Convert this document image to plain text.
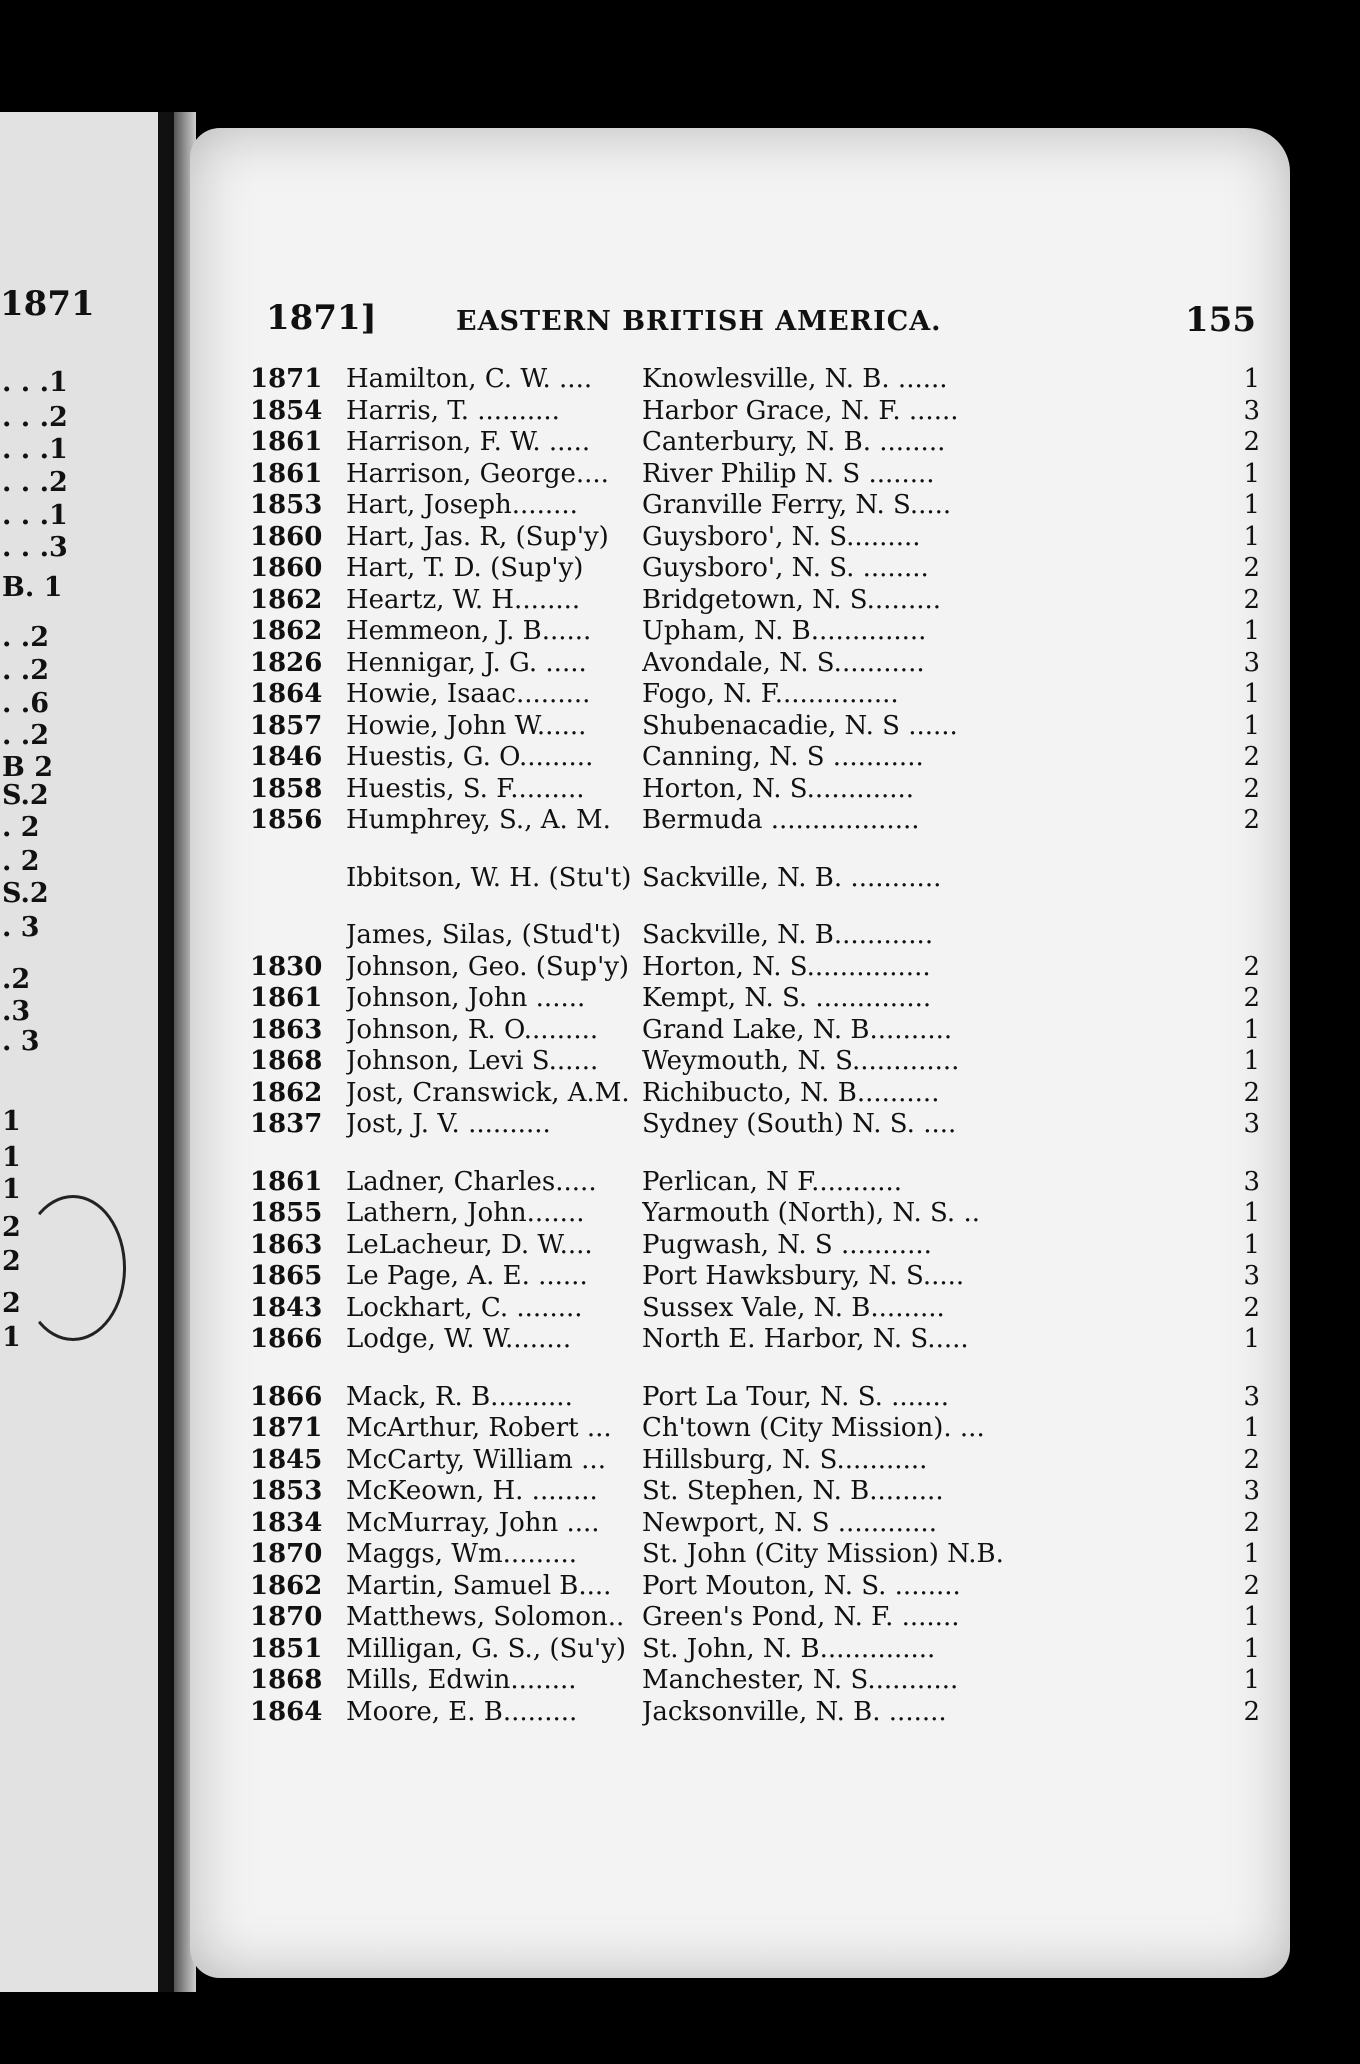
1871
. . .1
. . .2
. . .1
. . .2
. . .1
. . .3
B. 1
. .2
. .2
. .6
. .2
B 2
S.2
. 2
. 2
S.2
. 3
.2
.3
. 3
1
1
1
2
2
2
1
1871]	EASTERN BRITISH AMERICA.	155
1871 Hamilton, C. W. ....	Knowlesville, N. B. ......	1
1854 Harris, T. ..........	Harbor Grace, N. F. ......	3
1861 Harrison, F. W. .....	Canterbury, N. B. ........	2
1861 Harrison, George....	River Philip N. S ........	1
1853 Hart, Joseph........	Granville Ferry, N. S.....	1
1860 Hart, Jas. R, (Sup'y)	Guysboro', N. S.........	1
1860 Hart, T. D. (Sup'y)	Guysboro', N. S. ........	2
1862 Heartz, W. H........	Bridgetown, N. S.........	2
1862 Hemmeon, J. B......	Upham, N. B..............	1
1826 Hennigar, J. G. .....	Avondale, N. S...........	3
1864 Howie, Isaac.........	Fogo, N. F...............	1
1857 Howie, John W......	Shubenacadie, N. S ......	1
1846 Huestis, G. O.........	Canning, N. S ...........	2
1858 Huestis, S. F.........	Horton, N. S.............	2
1856 Humphrey, S., A. M.	Bermuda ..................	2
Ibbitson, W. H. (Stu't) Sackville, N. B. ...........
James, Silas, (Stud't) Sackville, N. B............
1830 Johnson, Geo. (Sup'y) Horton, N. S...............	2
1861 Johnson, John ......	Kempt, N. S. ..............	2
1863 Johnson, R. O.........	Grand Lake, N. B..........	1
1868 Johnson, Levi S......	Weymouth, N. S.............	1
1862 Jost, Cranswick, A.M. Richibucto, N. B..........	2
1837 Jost, J. V. ..........	Sydney (South) N. S. ....	3
1861 Ladner, Charles.....	Perlican, N F...........	3
1855 Lathern, John.......	Yarmouth (North), N. S. ..	1
1863 LeLacheur, D. W....	Pugwash, N. S ...........	1
1865 Le Page, A. E. ......	Port Hawksbury, N. S.....	3
1843 Lockhart, C. ........	Sussex Vale, N. B.........	2
1866 Lodge, W. W........	North E. Harbor, N. S.....	1
1866 Mack, R. B..........	Port La Tour, N. S. .......	3
1871 McArthur, Robert ...	Ch'town (City Mission). ...	1
1845 McCarty, William ...	Hillsburg, N. S...........	2
1853 McKeown, H. ........	St. Stephen, N. B.........	3
1834 McMurray, John ....	Newport, N. S ............	2
1870 Maggs, Wm.........	St. John (City Mission) N.B.	1
1862 Martin, Samuel B....	Port Mouton, N. S. ........	2
1870 Matthews, Solomon.. Green's Pond, N. F. .......	1
1851 Milligan, G. S., (Su'y) St. John, N. B..............	1
1868 Mills, Edwin........	Manchester, N. S...........	1
1864 Moore, E. B.........	Jacksonville, N. B. .......	2
